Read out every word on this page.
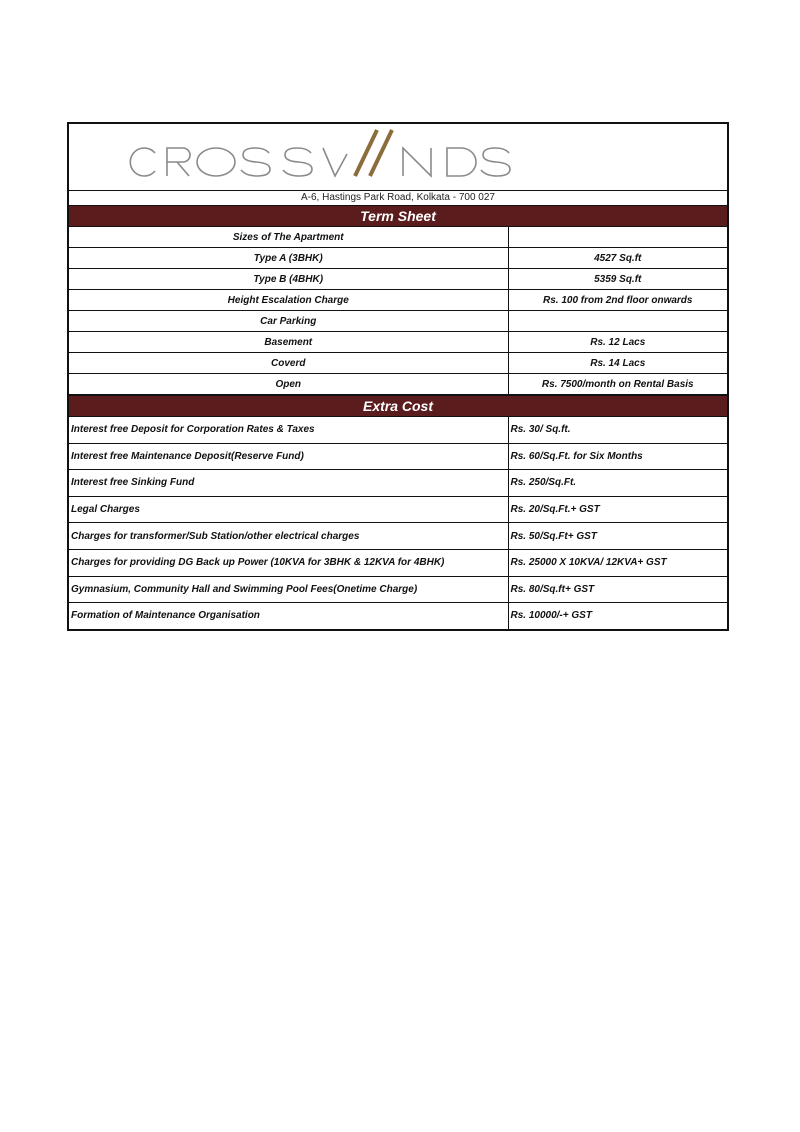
A-6, Hastings Park Road, Kolkata - 700 027
Term Sheet
Sizes of The Apartment	
Type A (3BHK)	4527 Sq.ft
Type B (4BHK)	5359 Sq.ft
Height Escalation Charge	Rs. 100 from 2nd floor onwards
Car Parking	
Basement	Rs. 12 Lacs
Coverd	Rs. 14 Lacs
Open	Rs. 7500/month on Rental Basis
Extra Cost
Interest free Deposit for Corporation Rates & Taxes	Rs. 30/ Sq.ft.
Interest free Maintenance Deposit(Reserve Fund)	Rs. 60/Sq.Ft. for Six Months
Interest free Sinking Fund	Rs. 250/Sq.Ft.
Legal Charges	Rs. 20/Sq.Ft.+ GST
Charges for transformer/Sub Station/other electrical charges	Rs. 50/Sq.Ft+ GST
Charges for providing DG Back up Power (10KVA for 3BHK & 12KVA for 4BHK)	Rs. 25000 X 10KVA/ 12KVA+ GST
Gymnasium, Community Hall and Swimming Pool Fees(Onetime Charge)	Rs. 80/Sq.ft+ GST
Formation of Maintenance Organisation	Rs. 10000/-+ GST
